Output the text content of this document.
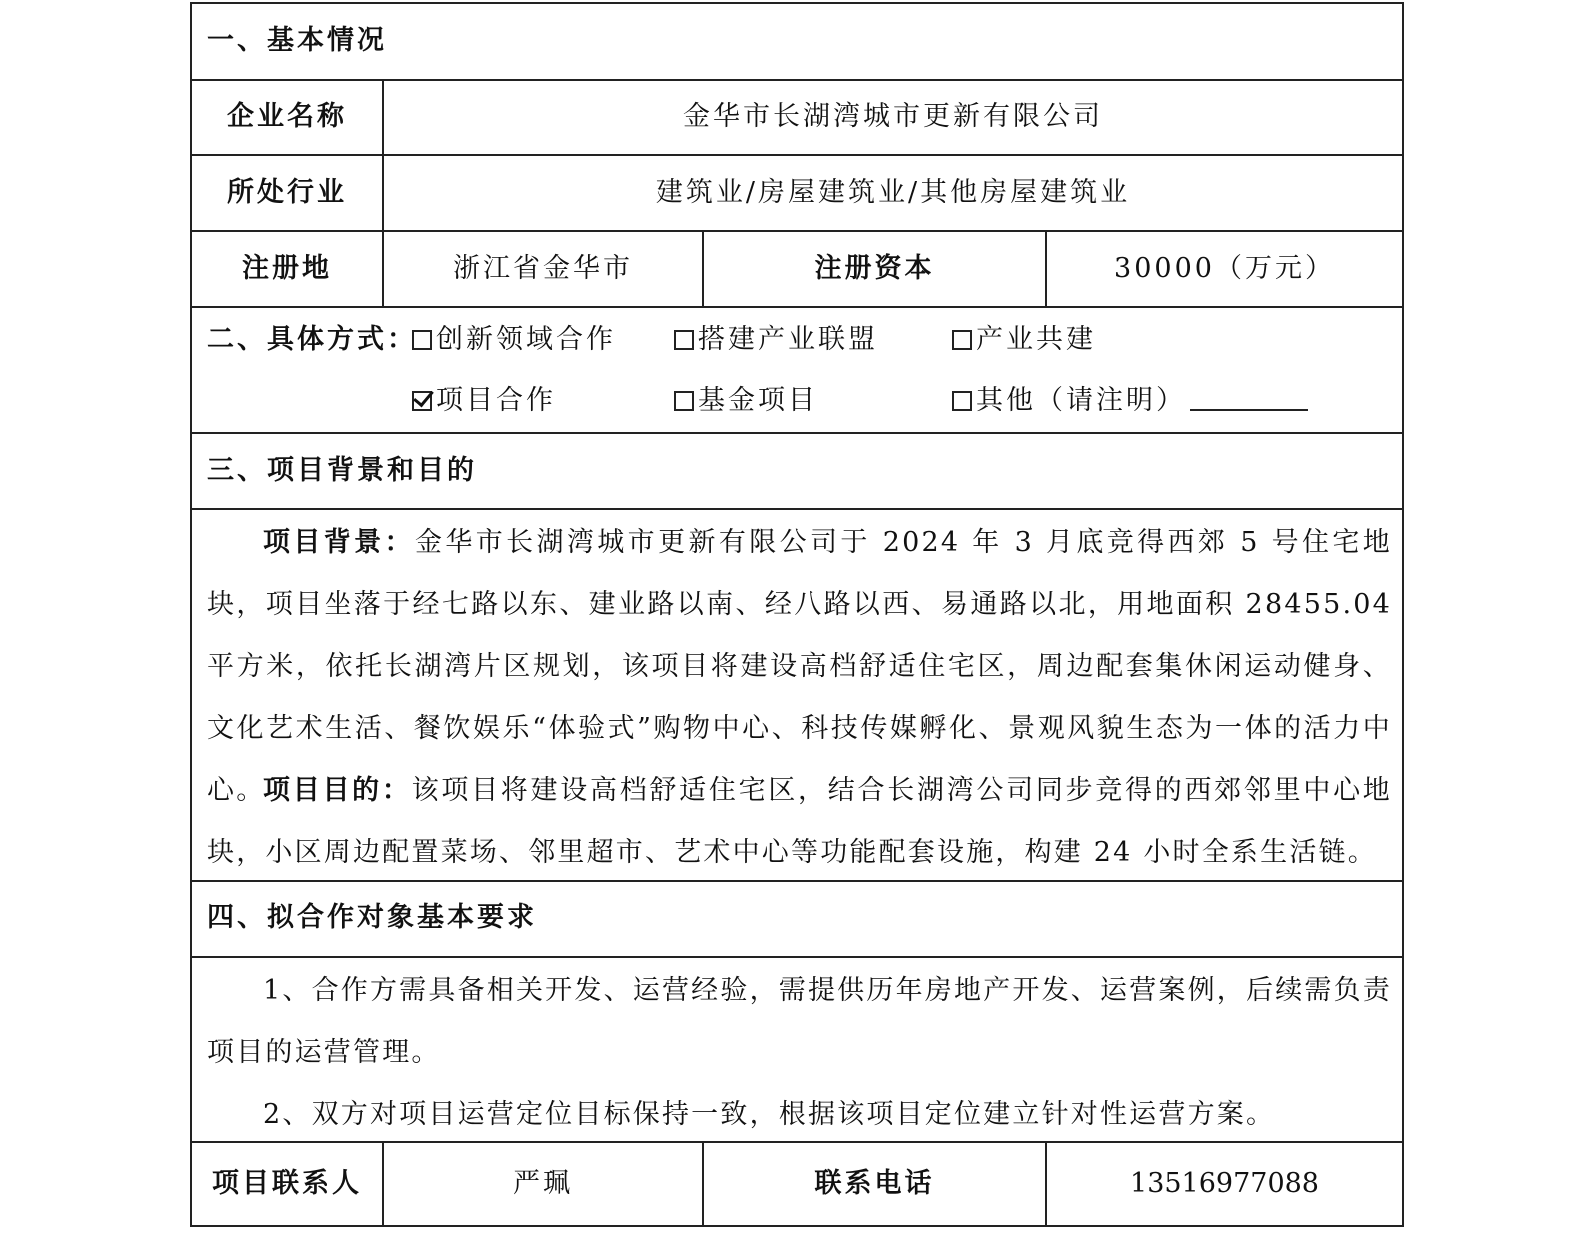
一、基本情况
企业名称	金华市长湖湾城市更新有限公司
所处行业	建筑业/房屋建筑业/其他房屋建筑业
注册地	浙江省金华市	注册资本	30000（万元）
二、具体方式： 创新领域合作	搭建产业联盟	产业共建
项目合作	基金项目	其他（请注明）
三、项目背景和目的
项目背景：金华市长湖湾城市更新有限公司于 2024 年 3 月底竞得西郊 5 号住宅地块，项目坐落于经七路以东、建业路以南、经八路以西、易通路以北，用地面积 28455.04 平方米，依托长湖湾片区规划，该项目将建设高档舒适住宅区，周边配套集休闲运动健身、文化艺术生活、餐饮娱乐“体验式”购物中心、科技传媒孵化、景观风貌生态为一体的活力中心。
项目目的：该项目将建设高档舒适住宅区，结合长湖湾公司同步竞得的西郊邻里中心地块，小区周边配置菜场、邻里超市、艺术中心等功能配套设施，构建 24 小时全系生活链。
四、拟合作对象基本要求
1、合作方需具备相关开发、运营经验，需提供历年房地产开发、运营案例，后续需负责项目的运营管理。
2、双方对项目运营定位目标保持一致，根据该项目定位建立针对性运营方案。
项目联系人	严珮	联系电话	13516977088
